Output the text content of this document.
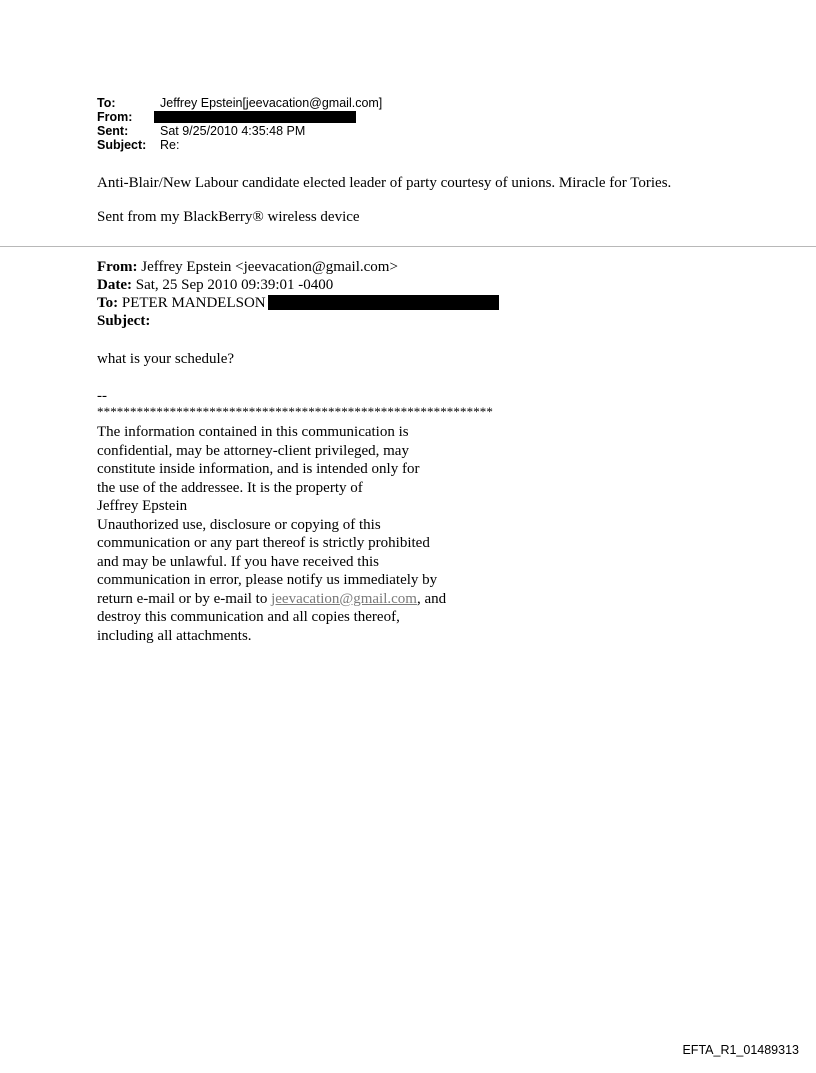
To:	Jeffrey Epstein[jeevacation@gmail.com]
From:
Sent:	Sat 9/25/2010 4:35:48 PM
Subject:	Re:
Anti-Blair/New Labour candidate elected leader of party courtesy of unions. Miracle for Tories.
Sent from my BlackBerry® wireless device
From: Jeffrey Epstein <jeevacation@gmail.com>
Date: Sat, 25 Sep 2010 09:39:01 -0400
To: PETER MANDELSON
Subject:
what is your schedule?
--
************************************************************
The information contained in this communication is
confidential, may be attorney-client privileged, may
constitute inside information, and is intended only for
the use of the addressee. It is the property of
Jeffrey Epstein
Unauthorized use, disclosure or copying of this
communication or any part thereof is strictly prohibited
and may be unlawful. If you have received this
communication in error, please notify us immediately by
return e-mail or by e-mail to jeevacation@gmail.com, and
destroy this communication and all copies thereof,
including all attachments.
EFTA_R1_01489313
